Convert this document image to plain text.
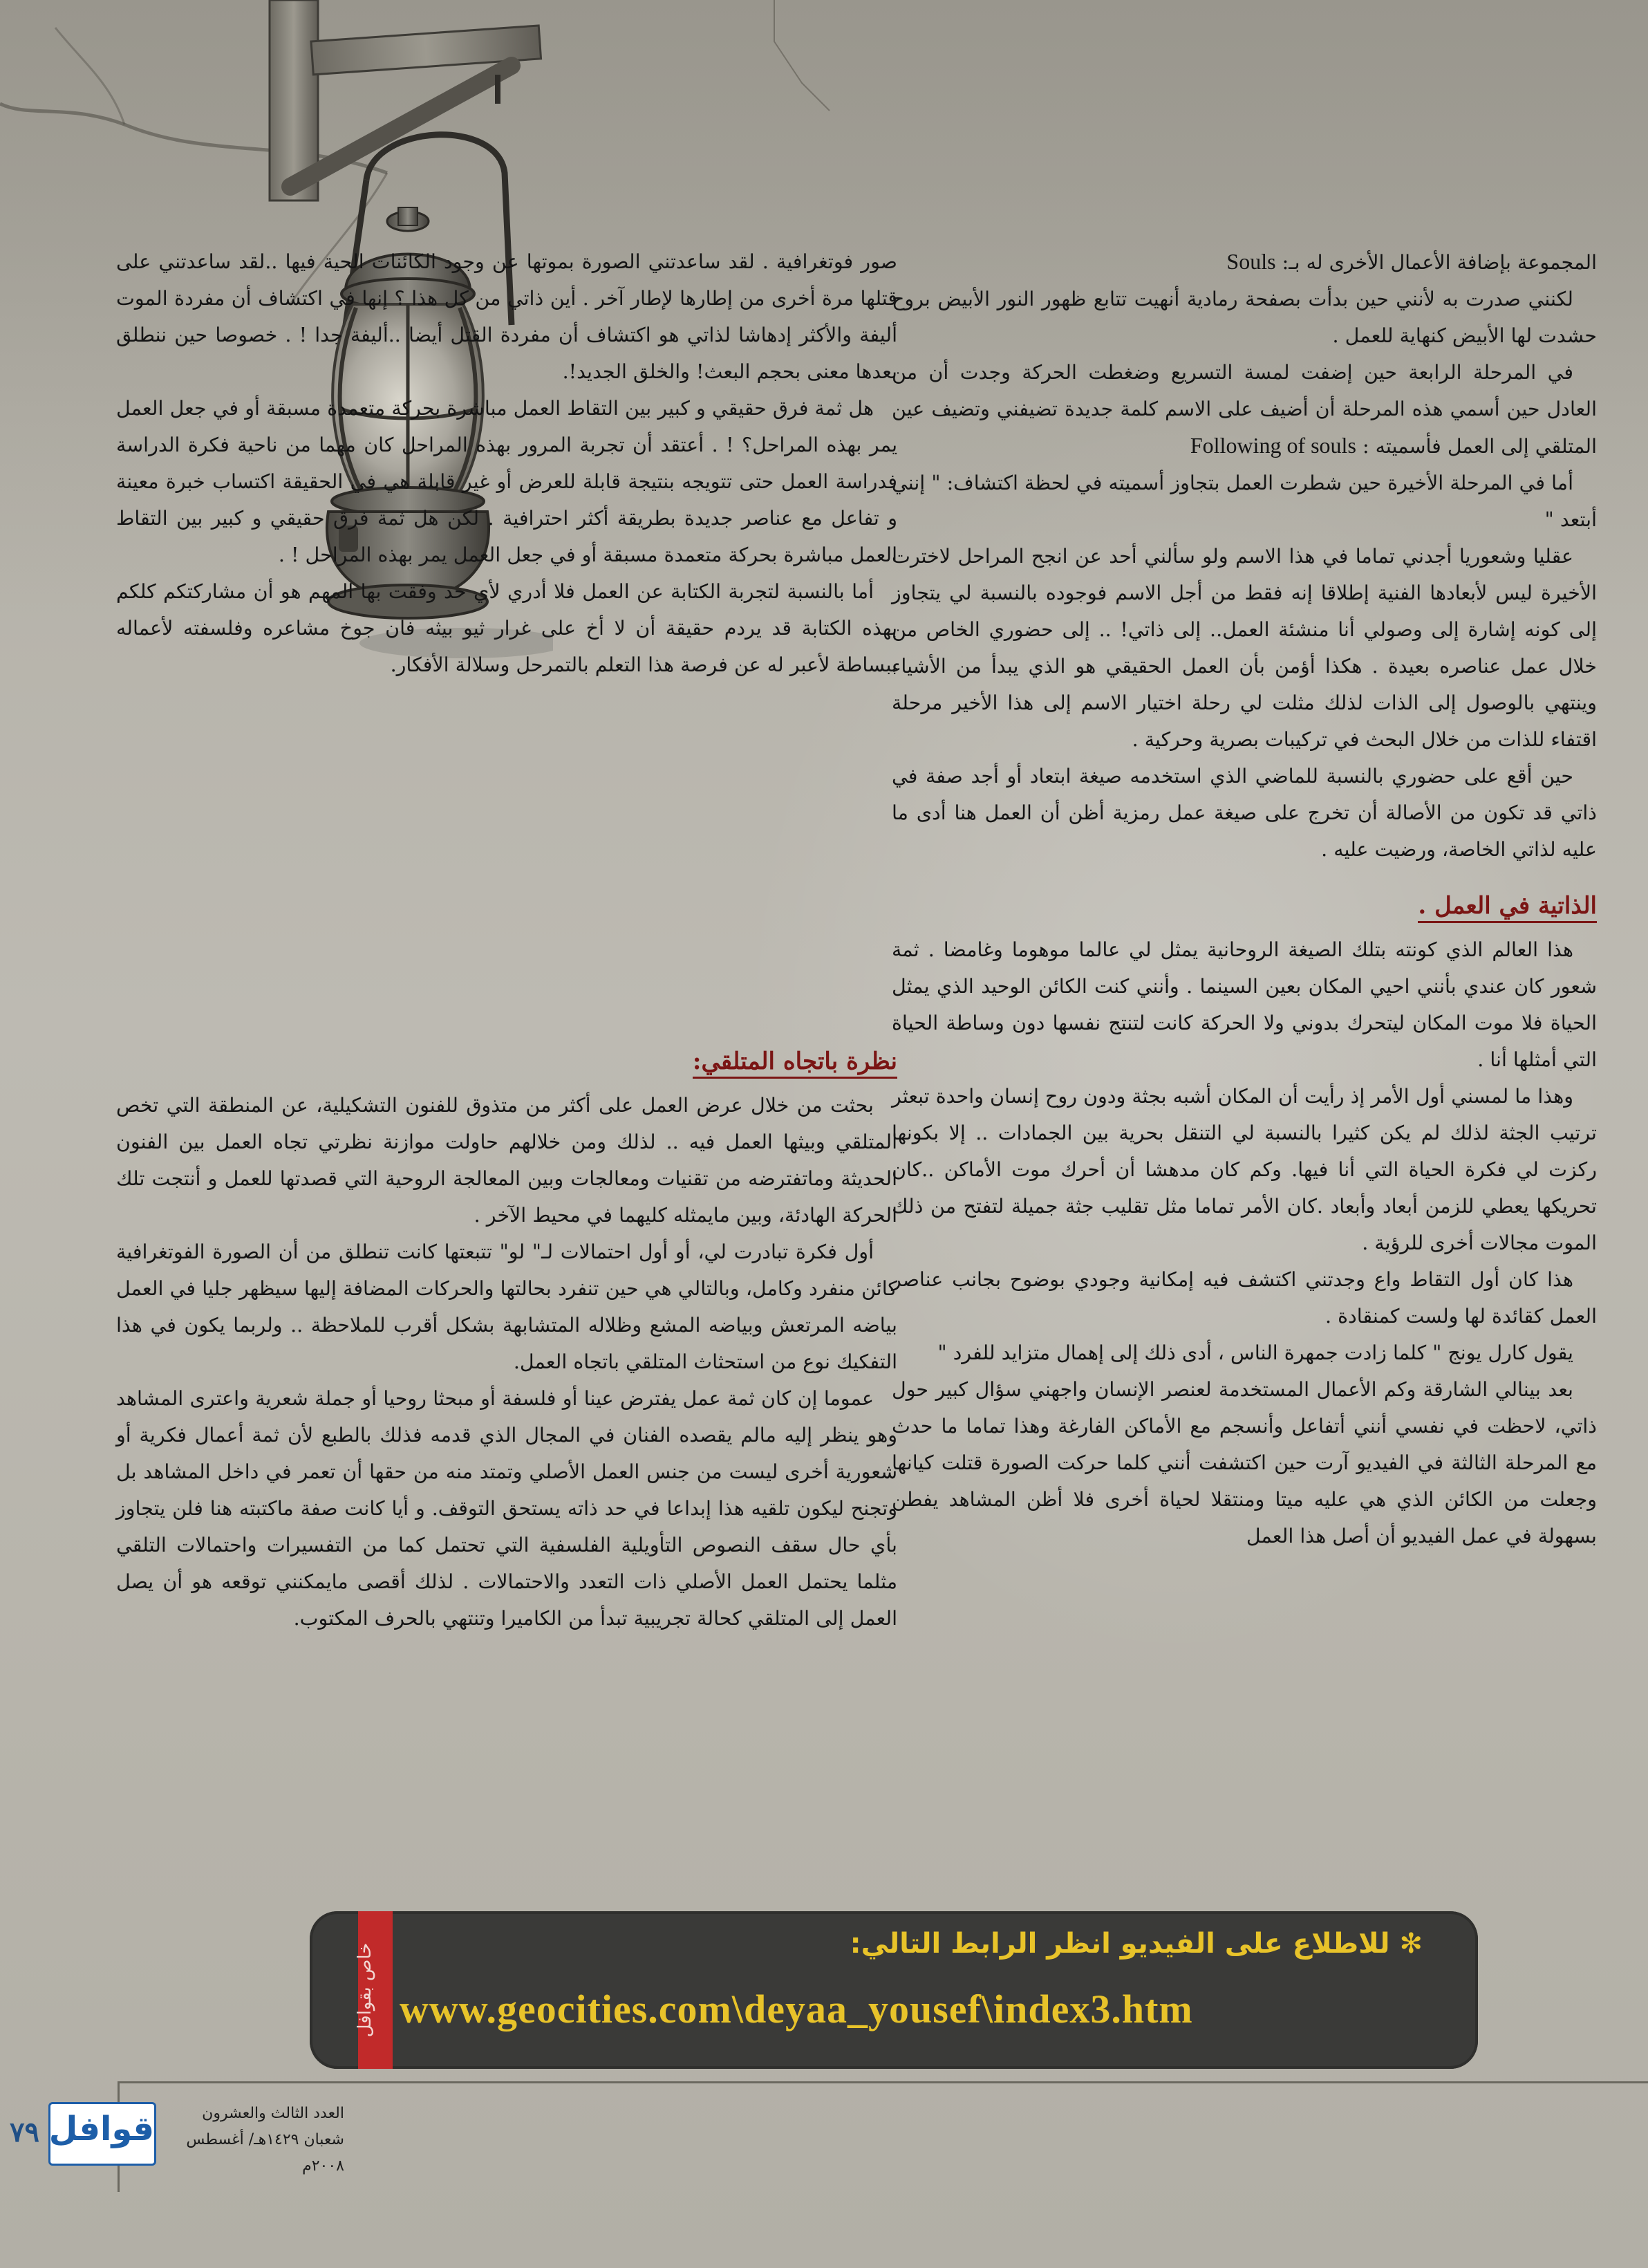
المجموعة بإضافة الأعمال الأخرى له بـ: Souls

لكنني صدرت به لأنني حين بدأت بصفحة رمادية أنهيت تتابع ظهور النور الأبيض بروح حشدت لها الأبيض كنهاية للعمل .

في المرحلة الرابعة حين إضفت لمسة التسريع وضغطت الحركة وجدت أن من العادل حين أسمي هذه المرحلة أن أضيف على الاسم كلمة جديدة تضيفني وتضيف عين المتلقي إلى العمل فأسميته : Following of souls

أما في المرحلة الأخيرة حين شطرت العمل بتجاوز أسميته في لحظة اكتشاف: " إنني أبتعد "

عقليا وشعوريا أجدني تماما في هذا الاسم ولو سألني أحد عن انجح المراحل لاخترت الأخيرة ليس لأبعادها الفنية إطلاقا إنه فقط من أجل الاسم فوجوده بالنسبة لي يتجاوز إلى كونه إشارة إلى وصولي أنا منشئة العمل.. إلى ذاتي! .. إلى حضوري الخاص من خلال عمل عناصره بعيدة . هكذا أؤمن بأن العمل الحقيقي هو الذي يبدأ من الأشياء وينتهي بالوصول إلى الذات لذلك مثلت لي رحلة اختيار الاسم إلى هذا الأخير مرحلة اقتفاء للذات من خلال البحث في تركيبات بصرية وحركية .

حين أقع على حضوري بالنسبة للماضي الذي استخدمه صيغة ابتعاد أو أجد صفة في ذاتي قد تكون من الأصالة أن تخرج على صيغة عمل رمزية أظن أن العمل هنا أدى ما عليه لذاتي الخاصة، ورضيت عليه .

الذاتية في العمل .

هذا العالم الذي كونته بتلك الصيغة الروحانية يمثل لي عالما موهوما وغامضا . ثمة شعور كان عندي بأنني احيي المكان بعين السينما . وأنني كنت الكائن الوحيد الذي يمثل الحياة فلا موت المكان ليتحرك بدوني ولا الحركة كانت لتنتج نفسها دون وساطة الحياة التي أمثلها أنا .

وهذا ما لمسني أول الأمر إذ رأيت أن المكان أشبه بجثة ودون روح إنسان واحدة تبعثر ترتيب الجثة لذلك لم يكن كثيرا بالنسبة لي التنقل بحرية بين الجمادات .. إلا بكونها ركزت لي فكرة الحياة التي أنا فيها. وكم كان مدهشا أن أحرك موت الأماكن ..كان تحريكها يعطي للزمن أبعاد وأبعاد .كان الأمر تماما مثل تقليب جثة جميلة لتفتح من ذلك الموت مجالات أخرى للرؤية .

هذا كان أول التقاط واع وجدتني اكتشف فيه إمكانية وجودي بوضوح بجانب عناصر العمل كقائدة لها ولست كمنقادة .

يقول كارل يونج " كلما زادت جمهرة الناس ، أدى ذلك إلى إهمال متزايد للفرد "

بعد بينالي الشارقة وكم الأعمال المستخدمة لعنصر الإنسان واجهني سؤال كبير حول ذاتي، لاحظت في نفسي أنني أتفاعل وأنسجم مع الأماكن الفارغة وهذا تماما ما حدث مع المرحلة الثالثة في الفيديو آرت حين اكتشفت أنني كلما حركت الصورة قتلت كيانها وجعلت من الكائن الذي هي عليه ميتا ومنتقلا لحياة أخرى فلا أظن المشاهد يفطن بسهولة في عمل الفيديو أن أصل هذا العمل

صور فوتغرافية . لقد ساعدتني الصورة بموتها عن وجود الكائنات الحية فيها ..لقد ساعدتني على قتلها مرة أخرى من إطارها لإطار آخر . أين ذاتي من كل هذا ؟ إنها في اكتشاف أن مفردة الموت أليفة والأكثر إدهاشا لذاتي هو اكتشاف أن مفردة القتل أيضا ..أليفة جدا ! . خصوصا حين ننطلق بعدها معنى بحجم البعث! والخلق الجديد!.

هل ثمة فرق حقيقي و كبير بين التقاط العمل مباشرة بحركة متعمدة مسبقة أو في جعل العمل يمر بهذه المراحل؟ ! . أعتقد أن تجربة المرور بهذه المراحل كان مهما من ناحية فكرة الدراسة فدراسة العمل حتى تتويجه بنتيجة قابلة للعرض أو غير قابلة هي في الحقيقة اكتساب خبرة معينة و تفاعل مع عناصر جديدة بطريقة أكثر احترافية . لكن هل ثمة فرق حقيقي و كبير بين التقاط العمل مباشرة بحركة متعمدة مسبقة أو في جعل العمل يمر بهذه المراحل ! .

أما بالنسبة لتجربة الكتابة عن العمل فلا أدري لأي حد وفقت بها المهم هو أن مشاركتكم كلكم بهذه الكتابة قد يردم حقيقة أن لا أخ على غرار ثيو بيثه فان جوخ مشاعره وفلسفته لأعماله ببساطة لأعبر له عن فرصة هذا التعلم بالتمرحل وسلالة الأفكار.

نظرة باتجاه المتلقي:

بحثت من خلال عرض العمل على أكثر من متذوق للفنون التشكيلية، عن المنطقة التي تخص المتلقي وبيثها العمل فيه .. لذلك ومن خلالهم حاولت موازنة نظرتي تجاه العمل بين الفنون الحديثة وماتفترضه من تقنيات ومعالجات وبين المعالجة الروحية التي قصدتها للعمل و أنتجت تلك الحركة الهادئة، وبين مايمثله كليهما في محيط الآخر .

أول فكرة تبادرت لي، أو أول احتمالات لـ" لو" تتبعتها كانت تنطلق من أن الصورة الفوتغرافية كائن منفرد وكامل، وبالتالي هي حين تنفرد بحالتها والحركات المضافة إليها سيظهر جليا في العمل بياضه المرتعش وبياضه المشع وظلاله المتشابهة بشكل أقرب للملاحظة .. ولربما يكون في هذا التفكيك نوع من استحثاث المتلقي باتجاه العمل.

عموما إن كان ثمة عمل يفترض عينا أو فلسفة أو مبحثا روحيا أو جملة شعرية واعترى المشاهد وهو ينظر إليه مالم يقصده الفنان في المجال الذي قدمه فذلك بالطبع لأن ثمة أعمال فكرية أو شعورية أخرى ليست من جنس العمل الأصلي وتمتد منه من حقها أن تعمر في داخل المشاهد بل وتجنح ليكون تلقيه هذا إبداعا في حد ذاته يستحق التوقف. و أيا كانت صفة ماكتبته هنا فلن يتجاوز بأي حال سقف النصوص التأويلية الفلسفية التي تحتمل كما من التفسيرات واحتمالات التلقي مثلما يحتمل العمل الأصلي ذات التعدد والاحتمالات . لذلك أقصى مايمكنني توقعه هو أن يصل العمل إلى المتلقي كحالة تجريبية تبدأ من الكاميرا وتنتهي بالحرف المكتوب.

خاص بقوافل	✻ للاطلاع على الفيديو انظر الرابط التالي:
www.geocities.com\deyaa_yousef\index3.htm
٧٩ قوافل	العدد الثالث والعشرون
شعبان ١٤٢٩هـ/ أغسطس ٢٠٠٨م
